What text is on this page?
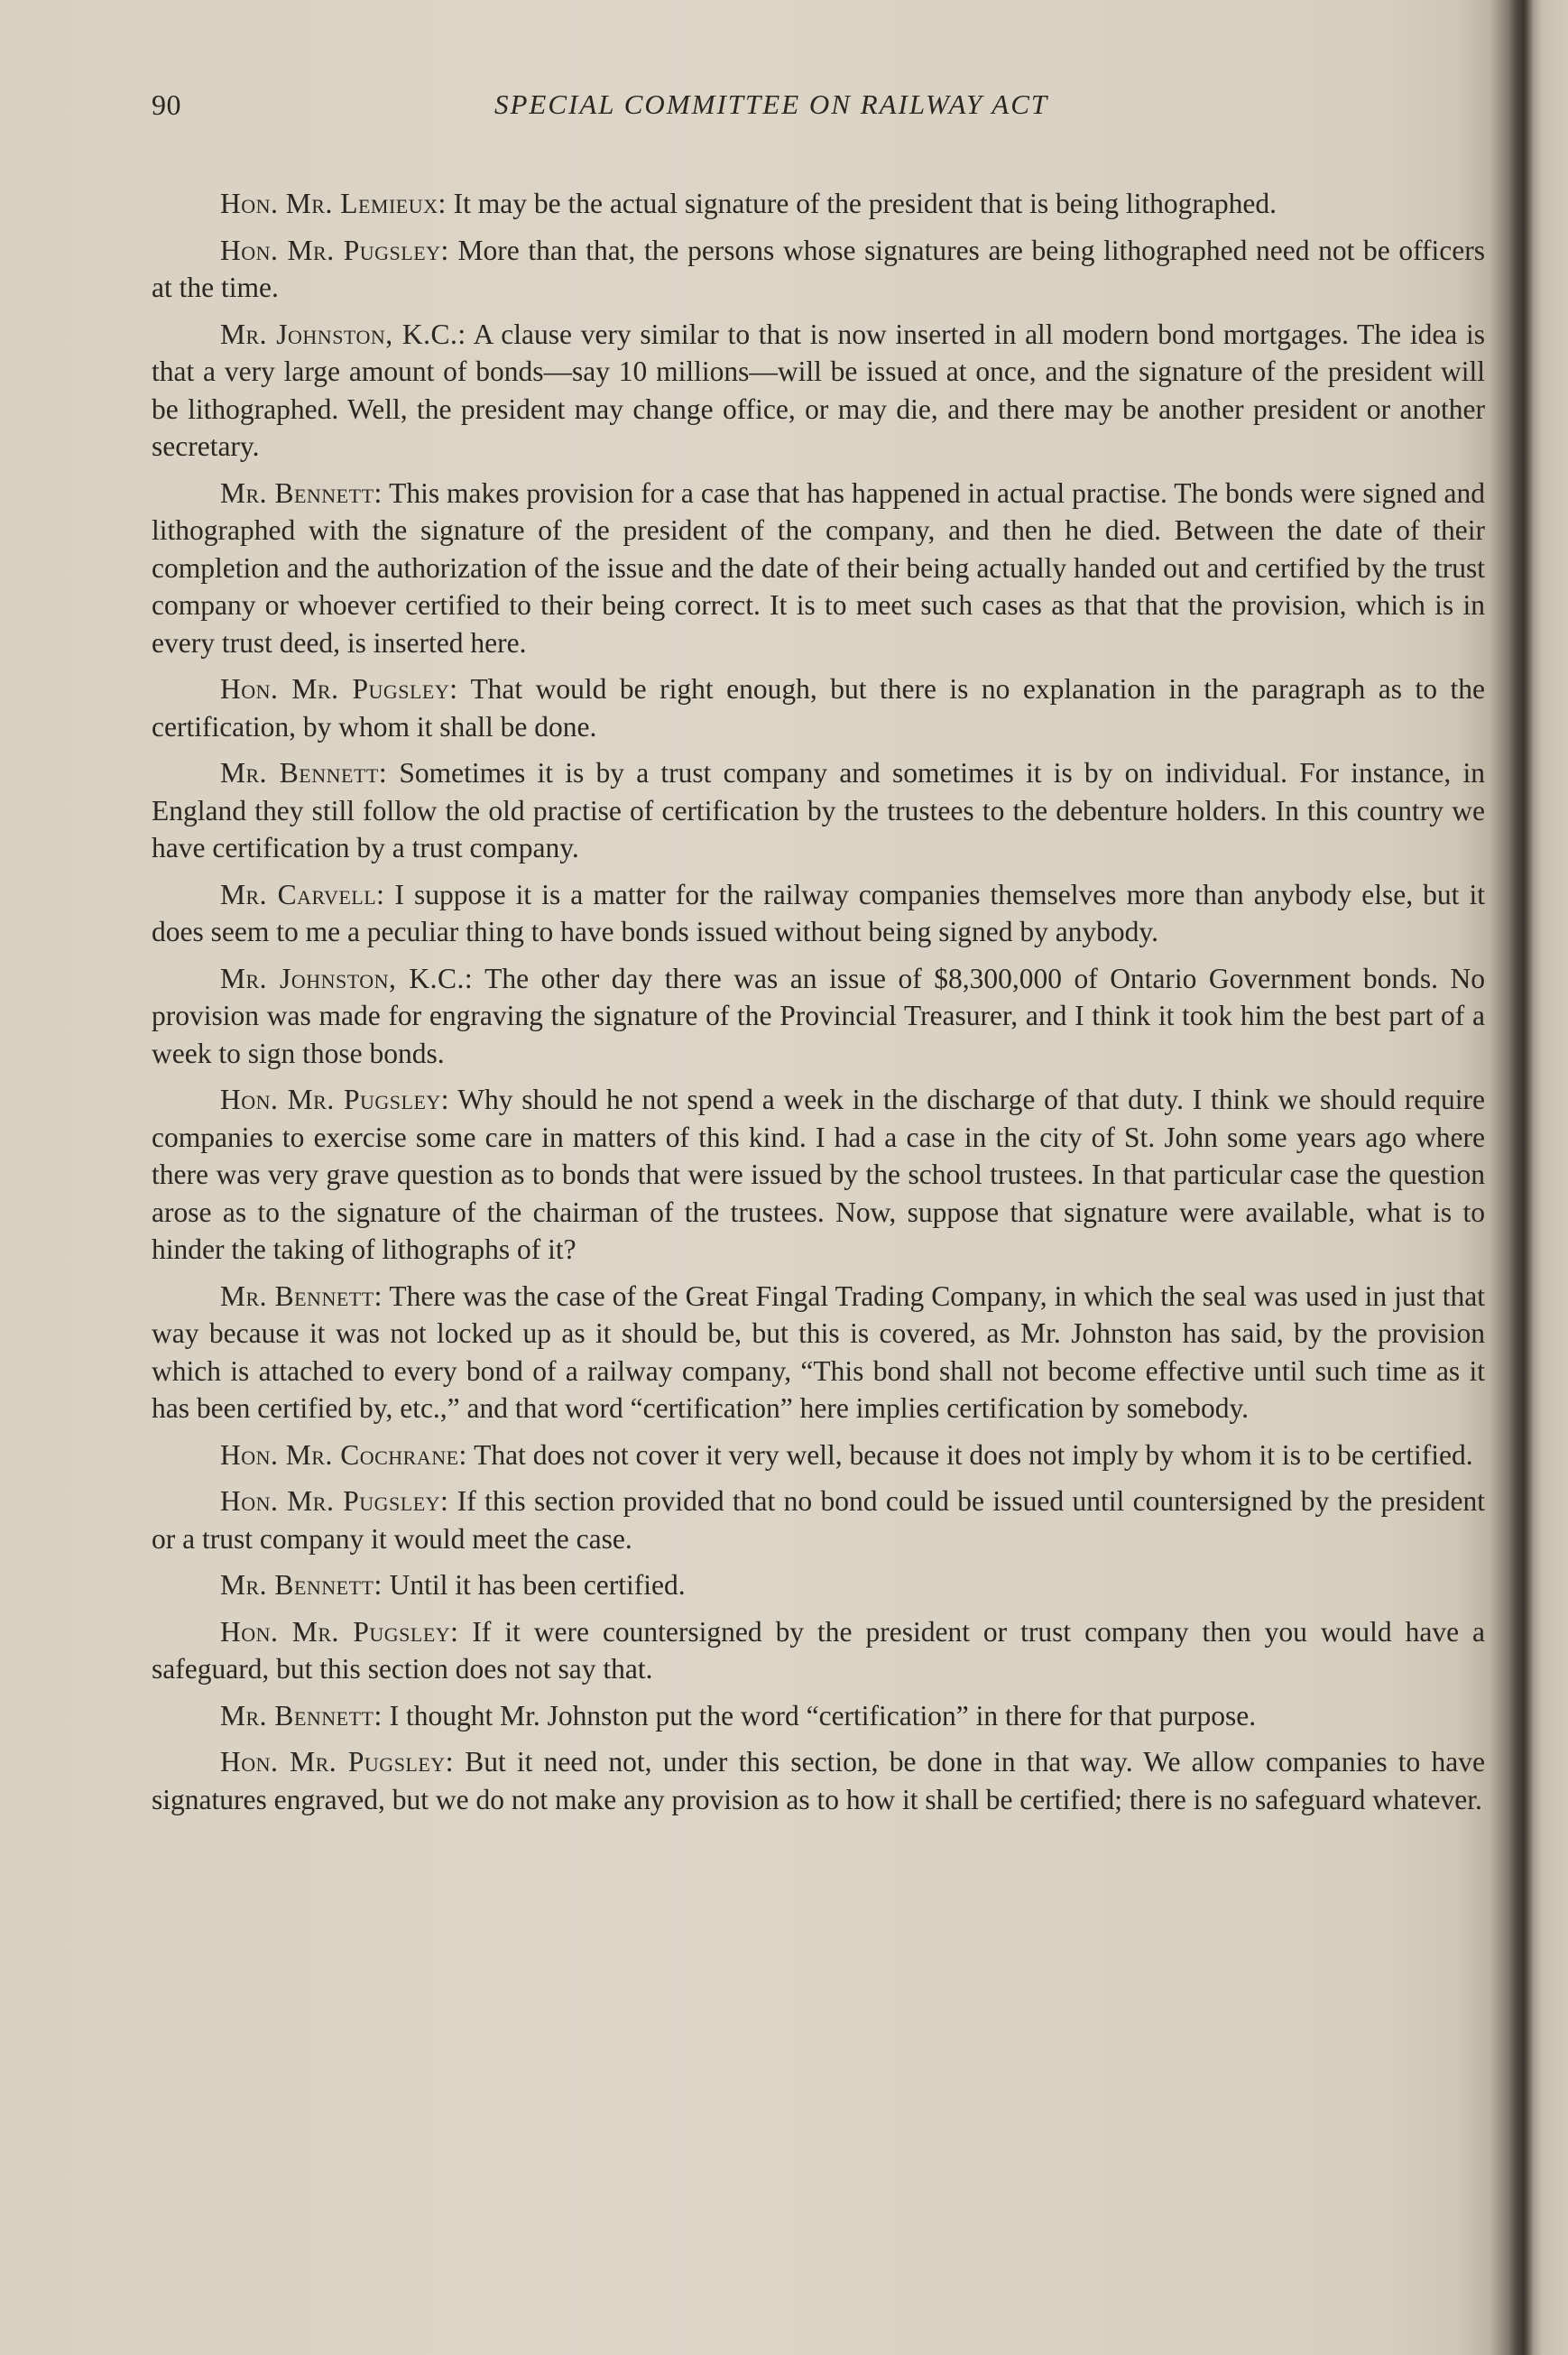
90	SPECIAL COMMITTEE ON RAILWAY ACT

Hon. Mr. Lemieux: It may be the actual signature of the president that is being lithographed.

Hon. Mr. Pugsley: More than that, the persons whose signatures are being lithographed need not be officers at the time.

Mr. Johnston, K.C.: A clause very similar to that is now inserted in all modern bond mortgages. The idea is that a very large amount of bonds—say 10 millions—will be issued at once, and the signature of the president will be lithographed. Well, the president may change office, or may die, and there may be another president or another secretary.

Mr. Bennett: This makes provision for a case that has happened in actual practise. The bonds were signed and lithographed with the signature of the president of the company, and then he died. Between the date of their completion and the authorization of the issue and the date of their being actually handed out and certified by the trust company or whoever certified to their being correct. It is to meet such cases as that that the provision, which is in every trust deed, is inserted here.

Hon. Mr. Pugsley: That would be right enough, but there is no explanation in the paragraph as to the certification, by whom it shall be done.

Mr. Bennett: Sometimes it is by a trust company and sometimes it is by on individual. For instance, in England they still follow the old practise of certification by the trustees to the debenture holders. In this country we have certification by a trust company.

Mr. Carvell: I suppose it is a matter for the railway companies themselves more than anybody else, but it does seem to me a peculiar thing to have bonds issued without being signed by anybody.

Mr. Johnston, K.C.: The other day there was an issue of $8,300,000 of Ontario Government bonds. No provision was made for engraving the signature of the Provincial Treasurer, and I think it took him the best part of a week to sign those bonds.

Hon. Mr. Pugsley: Why should he not spend a week in the discharge of that duty. I think we should require companies to exercise some care in matters of this kind. I had a case in the city of St. John some years ago where there was very grave question as to bonds that were issued by the school trustees. In that particular case the question arose as to the signature of the chairman of the trustees. Now, suppose that signature were available, what is to hinder the taking of lithographs of it?

Mr. Bennett: There was the case of the Great Fingal Trading Company, in which the seal was used in just that way because it was not locked up as it should be, but this is covered, as Mr. Johnston has said, by the provision which is attached to every bond of a railway company, “This bond shall not become effective until such time as it has been certified by, etc.,” and that word “certification” here implies certification by somebody.

Hon. Mr. Cochrane: That does not cover it very well, because it does not imply by whom it is to be certified.

Hon. Mr. Pugsley: If this section provided that no bond could be issued until countersigned by the president or a trust company it would meet the case.

Mr. Bennett: Until it has been certified.

Hon. Mr. Pugsley: If it were countersigned by the president or trust company then you would have a safeguard, but this section does not say that.

Mr. Bennett: I thought Mr. Johnston put the word “certification” in there for that purpose.

Hon. Mr. Pugsley: But it need not, under this section, be done in that way. We allow companies to have signatures engraved, but we do not make any provision as to how it shall be certified; there is no safeguard whatever.
